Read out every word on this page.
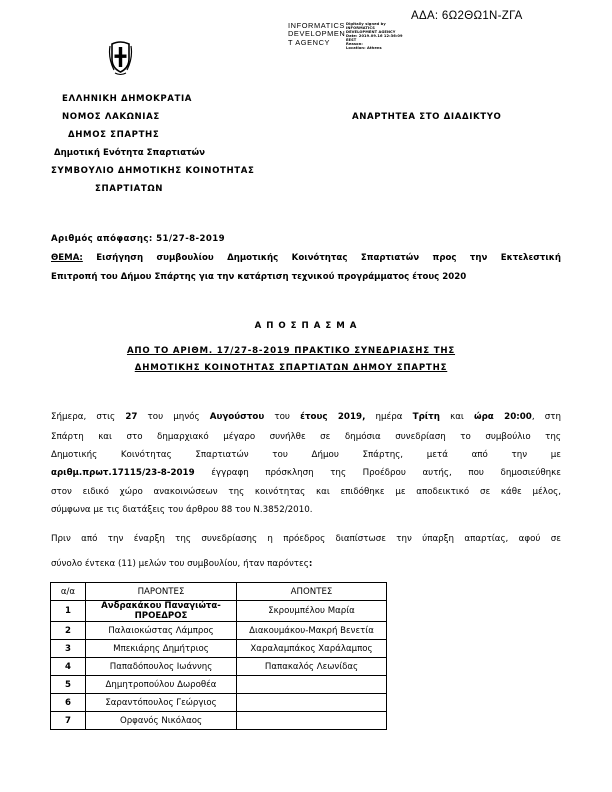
ΑΔΑ: 6Ω2ΘΩ1Ν-ΖΓΑ
INFORMATICS
DEVELOPMEN
T AGENCY
Digitally signed by
INFORMATICS
DEVELOPMENT AGENCY
Date: 2019.09.16 12:36:09
EEST
Reason:
Location: Athens
ΕΛΛΗΝΙΚΗ ΔΗΜΟΚΡΑΤΙΑ
ΝΟΜΟΣ ΛΑΚΩΝΙΑΣ
ΔΗΜΟΣ ΣΠΑΡΤΗΣ
Δημοτική Ενότητα Σπαρτιατών
ΣΥΜΒΟΥΛΙΟ ΔΗΜΟΤΙΚΗΣ ΚΟΙΝΟΤΗΤΑΣ
ΣΠΑΡΤΙΑΤΩΝ
ΑΝΑΡΤΗΤΕΑ ΣΤΟ ΔΙΑΔΙΚΤΥΟ
Αριθμός απόφασης: 51/27-8-2019
ΘΕΜΑ: Εισήγηση συμβουλίου Δημοτικής Κοινότητας Σπαρτιατών προς την Εκτελεστική
Επιτροπή του Δήμου Σπάρτης για την κατάρτιση τεχνικού προγράμματος έτους 2020
Α Π Ο Σ Π Α Σ Μ Α
ΑΠΟ ΤΟ ΑΡΙΘΜ. 17/27-8-2019 ΠΡΑΚΤΙΚΟ ΣΥΝΕΔΡΙΑΣΗΣ ΤΗΣ
ΔΗΜΟΤΙΚΗΣ ΚΟΙΝΟΤΗΤΑΣ ΣΠΑΡΤΙΑΤΩΝ ΔΗΜΟΥ ΣΠΑΡΤΗΣ
Σήμερα, στις 27 του μηνός Αυγούστου του έτους 2019, ημέρα Τρίτη και ώρα 20:00, στη
Σπάρτη και στο δημαρχιακό μέγαρο συνήλθε σε δημόσια συνεδρίαση το συμβούλιο της
Δημοτικής Κοινότητας Σπαρτιατών του Δήμου Σπάρτης, μετά από την με
αριθμ.πρωτ.17115/23-8-2019 έγγραφη πρόσκληση της Προέδρου αυτής, που δημοσιεύθηκε
στον ειδικό χώρο ανακοινώσεων της κοινότητας και επιδόθηκε με αποδεικτικό σε κάθε μέλος,
σύμφωνα με τις διατάξεις του άρθρου 88 του Ν.3852/2010.
Πριν από την έναρξη της συνεδρίασης η πρόεδρος διαπίστωσε την ύπαρξη απαρτίας, αφού σε
σύνολο έντεκα (11) μελών του συμβουλίου, ήταν παρόντες:
α/α	ΠΑΡΟΝΤΕΣ	ΑΠΟΝΤΕΣ
1	Ανδρακάκου Παναγιώτα- ΠΡΟΕΔΡΟΣ	Σκρουμπέλου Μαρία
2	Παλαιοκώστας Λάμπρος	Διακουμάκου-Μακρή Βενετία
3	Μπεκιάρης Δημήτριος	Χαραλαμπάκος Χαράλαμπος
4	Παπαδόπουλος Ιωάννης	Παπακαλός Λεωνίδας
5	Δημητροπούλου Δωροθέα	
6	Σαραντόπουλος Γεώργιος	
7	Ορφανός Νικόλαος	
